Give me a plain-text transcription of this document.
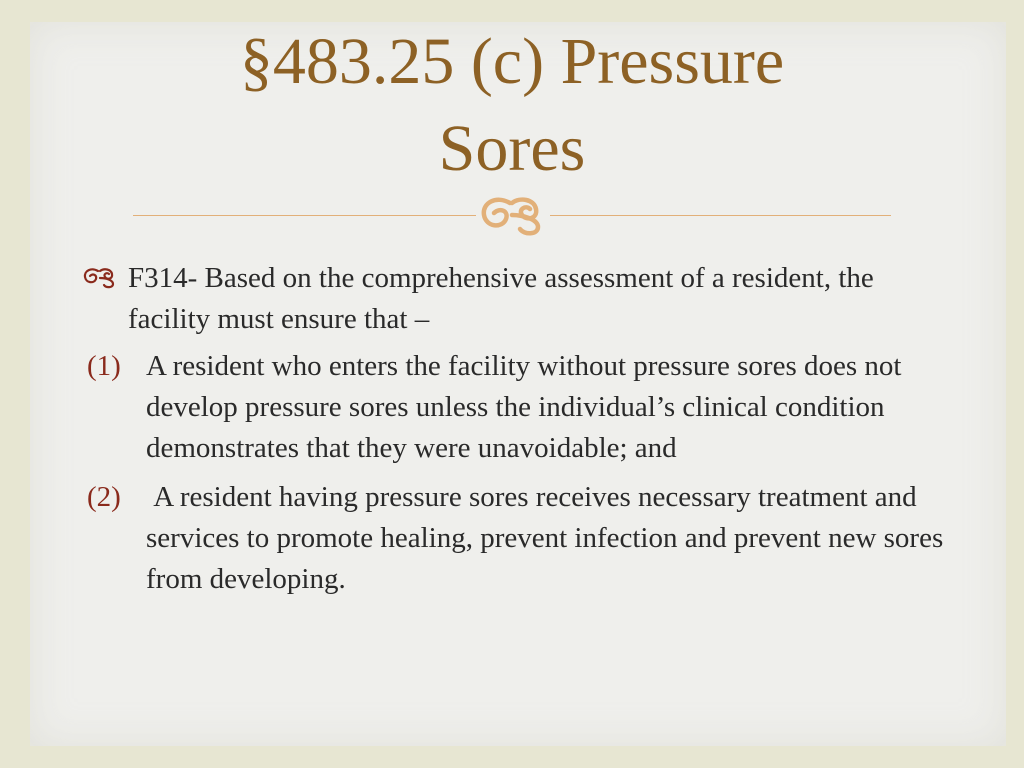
§483.25 (c) Pressure
Sores
F314- Based on the comprehensive assessment of a resident, the facility must ensure that –
(1) A resident who enters the facility without pressure sores does not develop pressure sores unless the individual’s clinical condition demonstrates that they were unavoidable; and
(2) A resident having pressure sores receives necessary treatment and services to promote healing, prevent infection and prevent new sores from developing.
